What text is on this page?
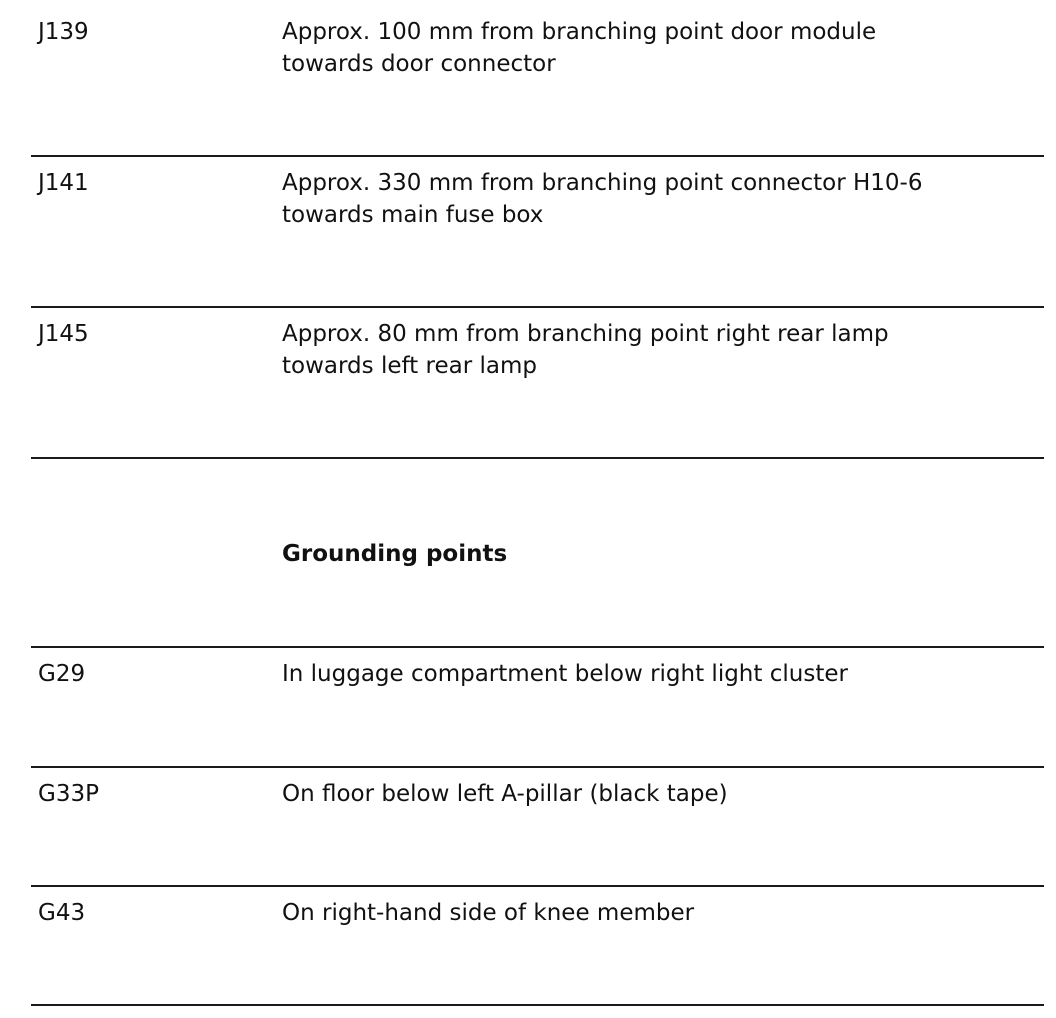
J139	Approx. 100 mm from branching point door module
towards door connector
J141	Approx. 330 mm from branching point connector H10-6
towards main fuse box
J145	Approx. 80 mm from branching point right rear lamp
towards left rear lamp
Grounding points
G29	In luggage compartment below right light cluster
G33P	On floor below left A-pillar (black tape)
G43	On right-hand side of knee member
